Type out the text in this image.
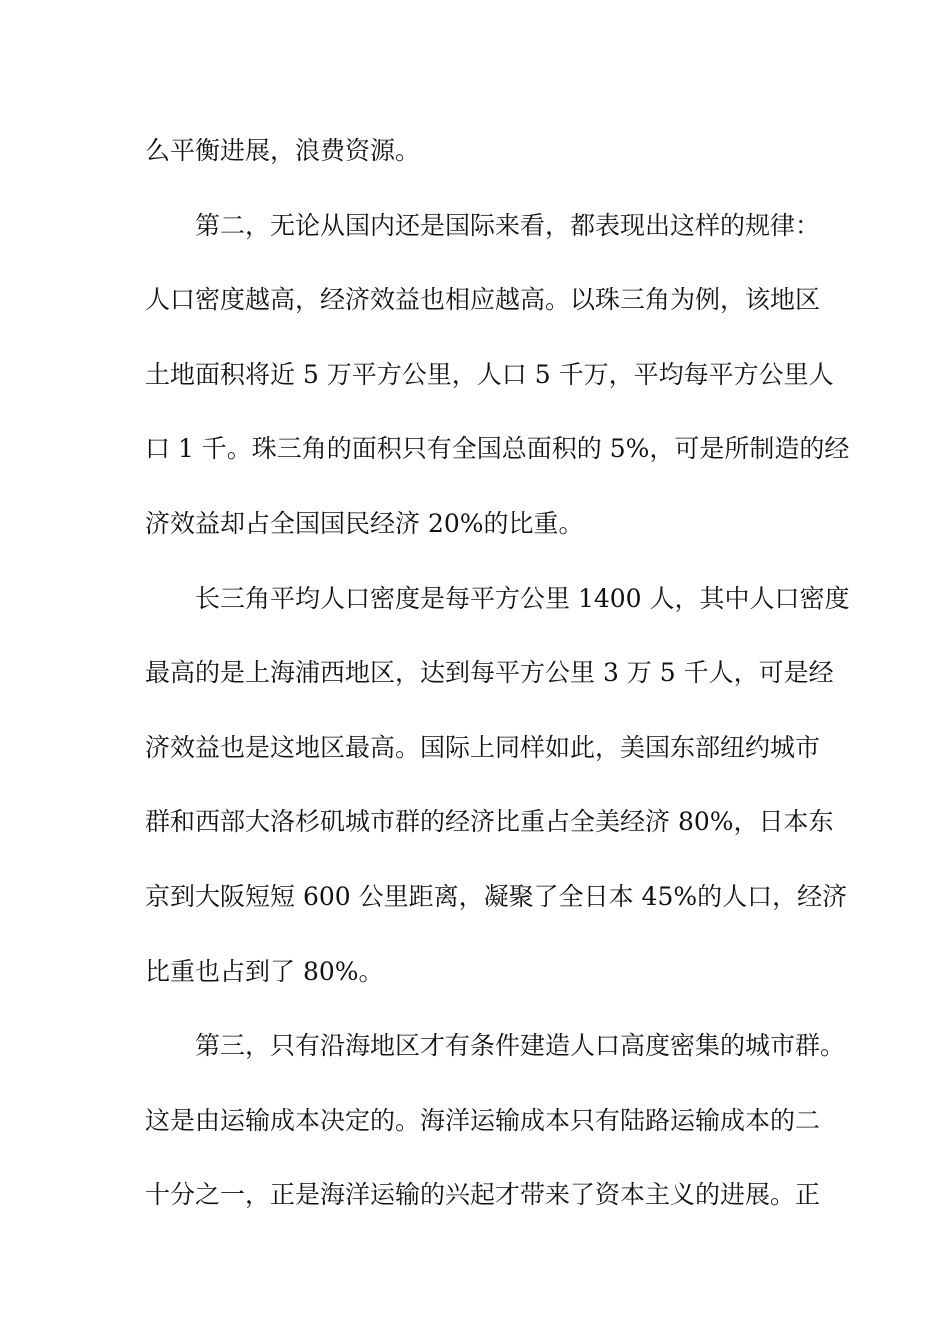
么平衡进展，浪费资源。
第二，无论从国内还是国际来看，都表现出这样的规律：
人口密度越高，经济效益也相应越高。以珠三角为例，该地区
土地面积将近 5 万平方公里，人口 5 千万，平均每平方公里人
口 1 千。珠三角的面积只有全国总面积的 5%，可是所制造的经
济效益却占全国国民经济 20%的比重。
长三角平均人口密度是每平方公里 1400 人，其中人口密度
最高的是上海浦西地区，达到每平方公里 3 万 5 千人，可是经
济效益也是这地区最高。国际上同样如此，美国东部纽约城市
群和西部大洛杉矶城市群的经济比重占全美经济 80%，日本东
京到大阪短短 600 公里距离，凝聚了全日本 45%的人口，经济
比重也占到了 80%。
第三，只有沿海地区才有条件建造人口高度密集的城市群。
这是由运输成本决定的。海洋运输成本只有陆路运输成本的二
十分之一，正是海洋运输的兴起才带来了资本主义的进展。正
